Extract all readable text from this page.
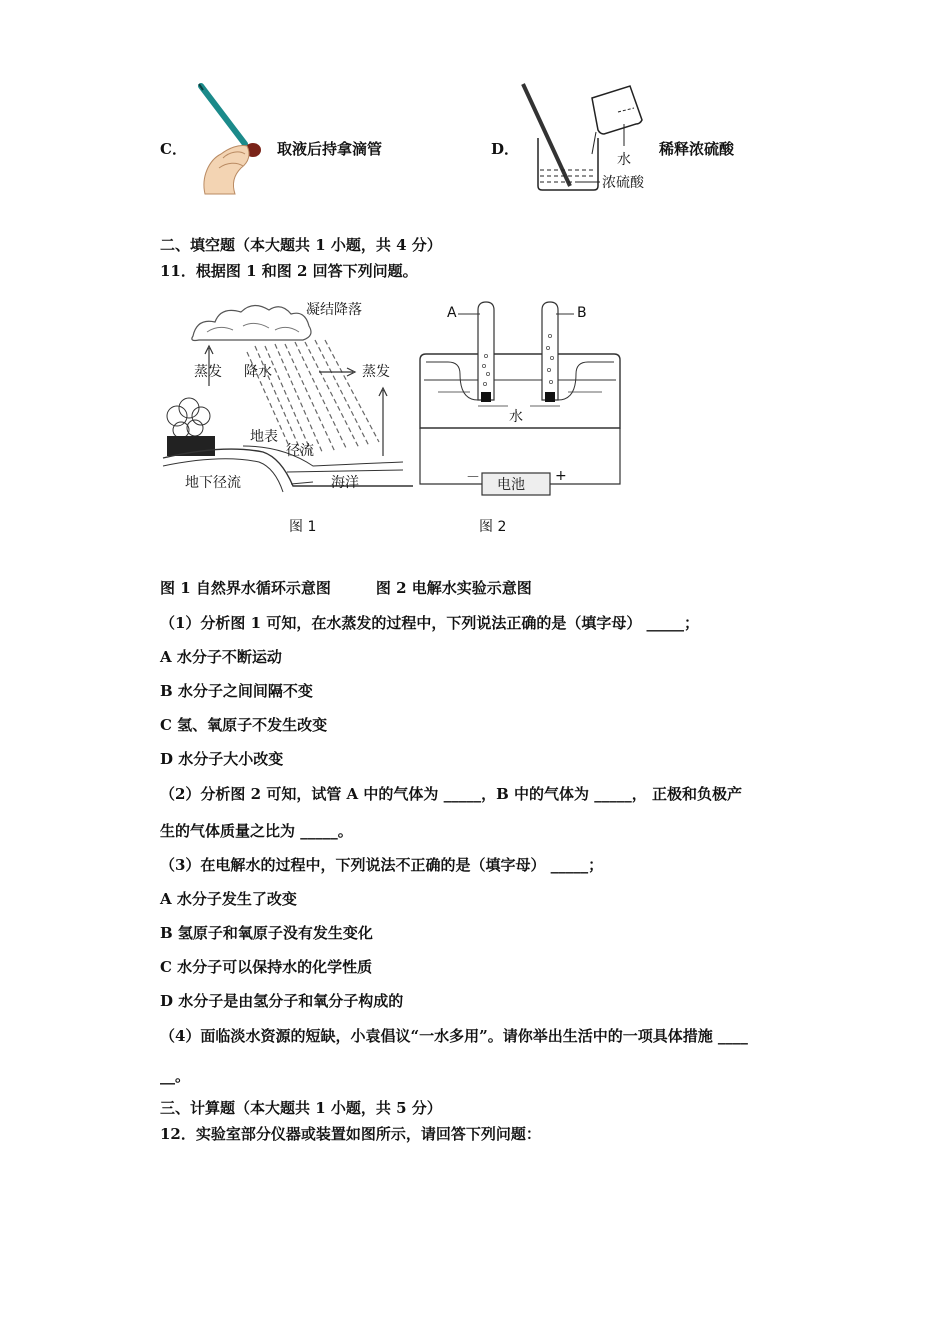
C．	取液后持拿滴管	D．
水
浓硫酸
稀释浓硫酸
二、填空题（本大题共 1 小题，共 4 分）
11．根据图 1 和图 2 回答下列问题。
凝结降落
蒸发 降水	蒸发
地表
径流
地下径流	海洋
图 1
A	B
水
电池
－	+
图 2
图 1 自然界水循环示意图　　　图 2 电解水实验示意图
（1）分析图 1 可知，在水蒸发的过程中，下列说法正确的是（填字母） _____；
A 水分子不断运动
B 水分子之间间隔不变
C 氢、氧原子不发生改变
D 水分子大小改变
（2）分析图 2 可知，试管 A 中的气体为 _____，B 中的气体为 _____， 正极和负极产
生的气体质量之比为 _____。
（3）在电解水的过程中，下列说法不正确的是（填字母） _____；
A 水分子发生了改变
B 氢原子和氧原子没有发生变化
C 水分子可以保持水的化学性质
D 水分子是由氢分子和氧分子构成的
（4）面临淡水资源的短缺，小袁倡议“一水多用”。请你举出生活中的一项具体措施 ____
__。
三、计算题（本大题共 1 小题，共 5 分）
12．实验室部分仪器或装置如图所示，请回答下列问题：
